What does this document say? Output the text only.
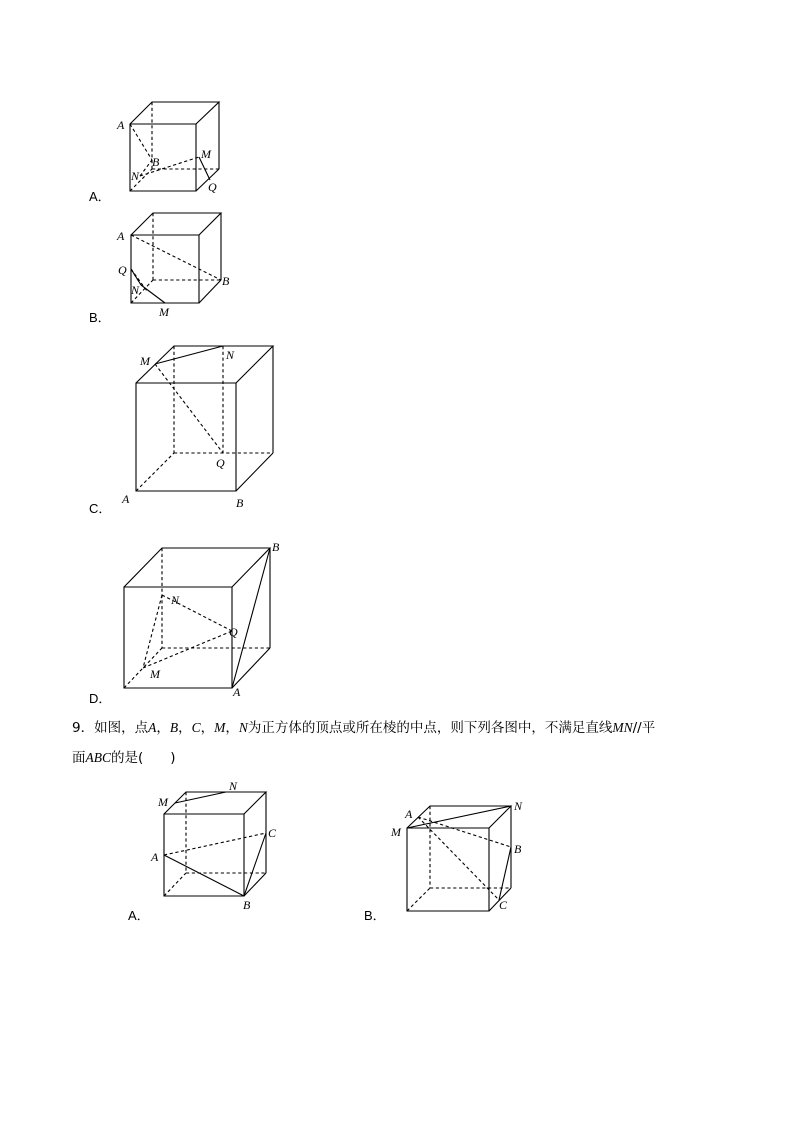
A
B
M
N
Q
A．
A
Q
N
M
B
B．
M	N
Q
A	B
C．
B
N
Q
M
A
D．
9．如图，点A，B，C，M，N为正方体的顶点或所在棱的中点，则下列各图中，不满足直线MN//平
面ABC的是(　　)
M
N
C
A
B
A．
A
N
M
B
C
B．
